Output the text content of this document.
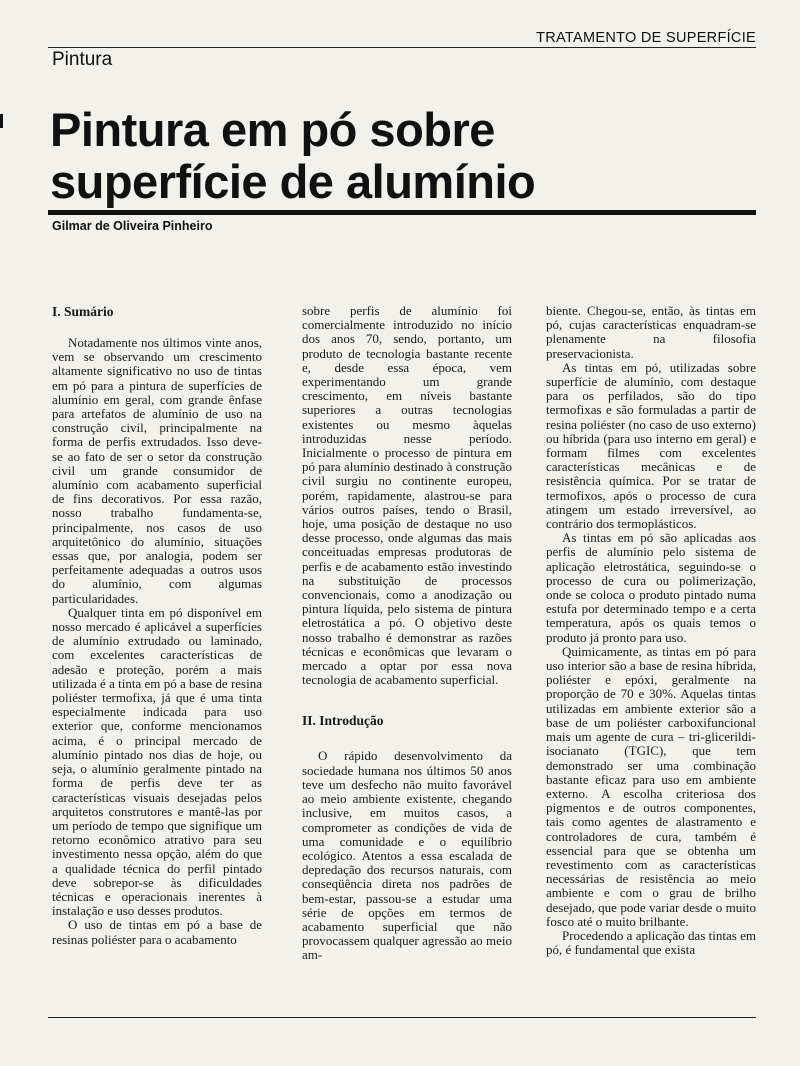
TRATAMENTO DE SUPERFÍCIE
Pintura
Pintura em pó sobre
superfície de alumínio
Gilmar de Oliveira Pinheiro
I. Sumário

Notadamente nos últimos vinte anos, vem se observando um crescimento altamente significativo no uso de tintas em pó para a pintura de superfícies de alumínio em geral, com grande ênfase para artefatos de alumínio de uso na construção civil, principalmente na forma de perfis extrudados. Isso deve-se ao fato de ser o setor da construção civil um grande consumidor de alumínio com acabamento superficial de fins decorativos. Por essa razão, nosso trabalho fundamenta-se, principalmente, nos casos de uso arquitetônico do alumínio, situações essas que, por analogia, podem ser perfeitamente adequadas a outros usos do alumínio, com algumas particularidades.

Qualquer tinta em pó disponível em nosso mercado é aplicável a superfícies de alumínio extrudado ou laminado, com excelentes características de adesão e proteção, porém a mais utilizada é a tinta em pó a base de resina poliéster termofixa, já que é uma tinta especialmente indicada para uso exterior que, conforme mencionamos acima, é o principal mercado de alumínio pintado nos dias de hoje, ou seja, o alumínio geralmente pintado na forma de perfis deve ter as características visuais desejadas pelos arquitetos construtores e mantê-las por um período de tempo que signifique um retorno econômico atrativo para seu investimento nessa opção, além do que a qualidade técnica do perfil pintado deve sobrepor-se às dificuldades técnicas e operacionais inerentes à instalação e uso desses produtos.

O uso de tintas em pó a base de resinas poliéster para o acabamento

sobre perfis de alumínio foi comercialmente introduzido no início dos anos 70, sendo, portanto, um produto de tecnologia bastante recente e, desde essa época, vem experimentando um grande crescimento, em níveis bastante superiores a outras tecnologias existentes ou mesmo àquelas introduzidas nesse período. Inicialmente o processo de pintura em pó para alumínio destinado à construção civil surgiu no continente europeu, porém, rapidamente, alastrou-se para vários outros países, tendo o Brasil, hoje, uma posição de destaque no uso desse processo, onde algumas das mais conceituadas empresas produtoras de perfis e de acabamento estão investindo na substituição de processos convencionais, como a anodização ou pintura líquida, pelo sistema de pintura eletrostática a pó. O objetivo deste nosso trabalho é demonstrar as razões técnicas e econômicas que levaram o mercado a optar por essa nova tecnologia de acabamento superficial.

II. Introdução

O rápido desenvolvimento da sociedade humana nos últimos 50 anos teve um desfecho não muito favorável ao meio ambiente existente, chegando inclusive, em muitos casos, a comprometer as condições de vida de uma comunidade e o equilíbrio ecológico. Atentos a essa escalada de depredação dos recursos naturais, com conseqüência direta nos padrões de bem-estar, passou-se a estudar uma série de opções em termos de acabamento superficial que não provocassem qualquer agressão ao meio am-

biente. Chegou-se, então, às tintas em pó, cujas características enquadram-se plenamente na filosofia preservacionista.

As tintas em pó, utilizadas sobre superfície de alumínio, com destaque para os perfilados, são do tipo termofixas e são formuladas a partir de resina poliéster (no caso de uso externo) ou híbrida (para uso interno em geral) e formam filmes com excelentes características mecânicas e de resistência química. Por se tratar de termofixos, após o processo de cura atingem um estado irreversível, ao contrário dos termoplásticos.

As tintas em pó são aplicadas aos perfis de alumínio pelo sistema de aplicação eletrostática, seguindo-se o processo de cura ou polimerização, onde se coloca o produto pintado numa estufa por determinado tempo e a certa temperatura, após os quais temos o produto já pronto para uso.

Quimicamente, as tintas em pó para uso interior são a base de resina híbrida, poliéster e epóxi, geralmente na proporção de 70 e 30%. Aquelas tintas utilizadas em ambiente exterior são a base de um poliéster carboxifuncional mais um agente de cura – tri-glicerildi-isocianato (TGIC), que tem demonstrado ser uma combinação bastante eficaz para uso em ambiente externo. A escolha criteriosa dos pigmentos e de outros componentes, tais como agentes de alastramento e controladores de cura, também é essencial para que se obtenha um revestimento com as características necessárias de resistência ao meio ambiente e com o grau de brilho desejado, que pode variar desde o muito fosco até o muito brilhante.

Procedendo a aplicação das tintas em pó, é fundamental que exista
